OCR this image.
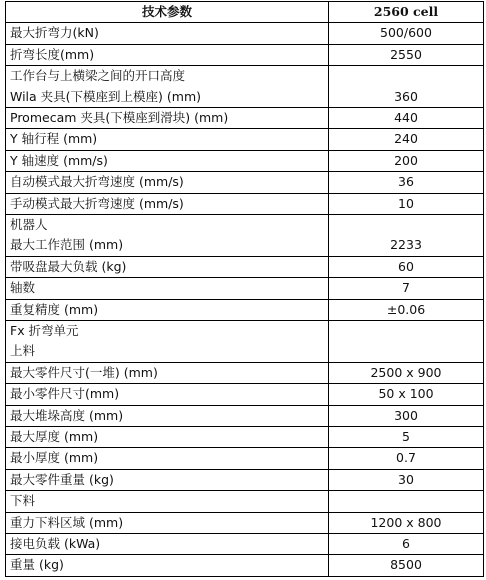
技术参数	2560 cell
最大折弯力(kN)	500/600
折弯长度(mm)	2550

工作台与上横梁之间的开口高度
Wila 夹具(下模座到上模座) (mm)	360
Promecam 夹具(下模座到滑块) (mm)	440
Y 轴行程 (mm)	240
Y 轴速度 (mm/s)	200
自动模式最大折弯速度 (mm/s)	36
手动模式最大折弯速度 (mm/s)	10

机器人
最大工作范围 (mm)	2233
带吸盘最大负载 (kg)	60
轴数	7
重复精度 (mm)	±0.06

Fx 折弯单元
上料	

最大零件尺寸(一堆) (mm)	2500 x 900
最小零件尺寸(mm)	50 x 100
最大堆垛高度 (mm)	300
最大厚度 (mm)	5
最小厚度 (mm)	0.7
最大零件重量 (kg)	30
下料	
重力下料区域 (mm)	1200 x 800
接电负载 (kWa)	6
重量 (kg)	8500
